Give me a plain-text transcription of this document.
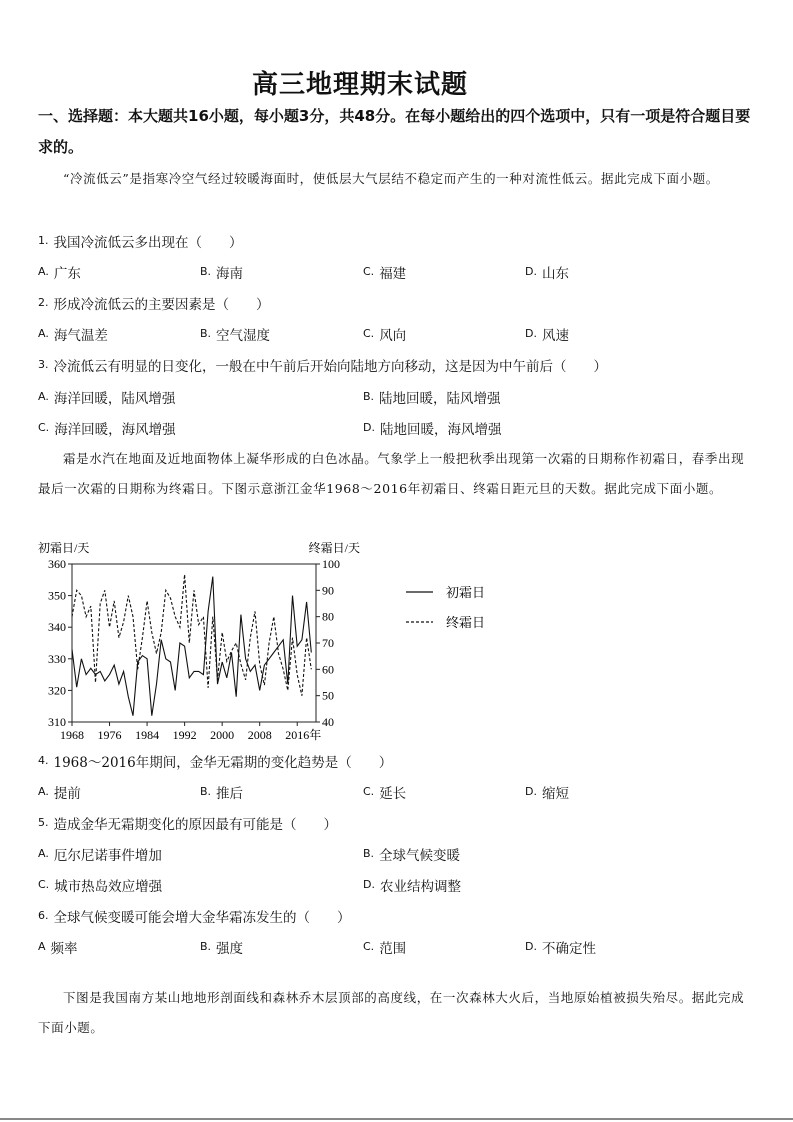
高三地理期末试题
一、选择题：本大题共16小题，每小题3分，共48分。在每小题给出的四个选项中，只有一项是符合题目要求的。
“冷流低云”是指寒冷空气经过较暖海面时，使低层大气层结不稳定而产生的一种对流性低云。据此完成下面小题。
$^{1.}$ 我国冷流低云多出现在（　　）
$^{A.}$ 广东	$^{B.}$ 海南	$^{C.}$ 福建	$^{D.}$ 山东
$^{2.}$ 形成冷流低云的主要因素是（　　）
$^{A.}$ 海气温差	$^{B.}$ 空气湿度	$^{C.}$ 风向	$^{D.}$ 风速
$^{3.}$ 冷流低云有明显的日变化，一般在中午前后开始向陆地方向移动，这是因为中午前后（　　）
$^{A.}$ 海洋回暖，陆风增强	$^{B.}$ 陆地回暖，陆风增强
$^{C.}$ 海洋回暖，海风增强	$^{D.}$ 陆地回暖，海风增强
霜是水汽在地面及近地面物体上凝华形成的白色冰晶。气象学上一般把秋季出现第一次霜的日期称作初霜日，春季出现最后一次霜的日期称为终霜日。下图示意浙江金华1968～2016年初霜日、终霜日距元旦的天数。据此完成下面小题。
310
320
330
340
350
360
40
50
60
70
80
90
100
1968 1976 1984 1992 2000 2008 2016 年
初霜日/天	终霜日/天
初霜日
终霜日
$^{4.}$ 1968～2016年期间，金华无霜期的变化趋势是（　　）
$^{A.}$ 提前	$^{B.}$ 推后	$^{C.}$ 延长	$^{D.}$ 缩短
$^{5.}$ 造成金华无霜期变化的原因最有可能是（　　）
$^{A.}$ 厄尔尼诺事件增加	$^{B.}$ 全球气候变暖
$^{C.}$ 城市热岛效应增强	$^{D.}$ 农业结构调整
$^{6.}$ 全球气候变暖可能会增大金华霜冻发生的（　　）
$^A$ 频率	$^{B.}$ 强度	$^{C.}$ 范围	$^{D.}$ 不确定性
下图是我国南方某山地地形剖面线和森林乔木层顶部的高度线，在一次森林大火后，当地原始植被损失殆尽。据此完成下面小题。
